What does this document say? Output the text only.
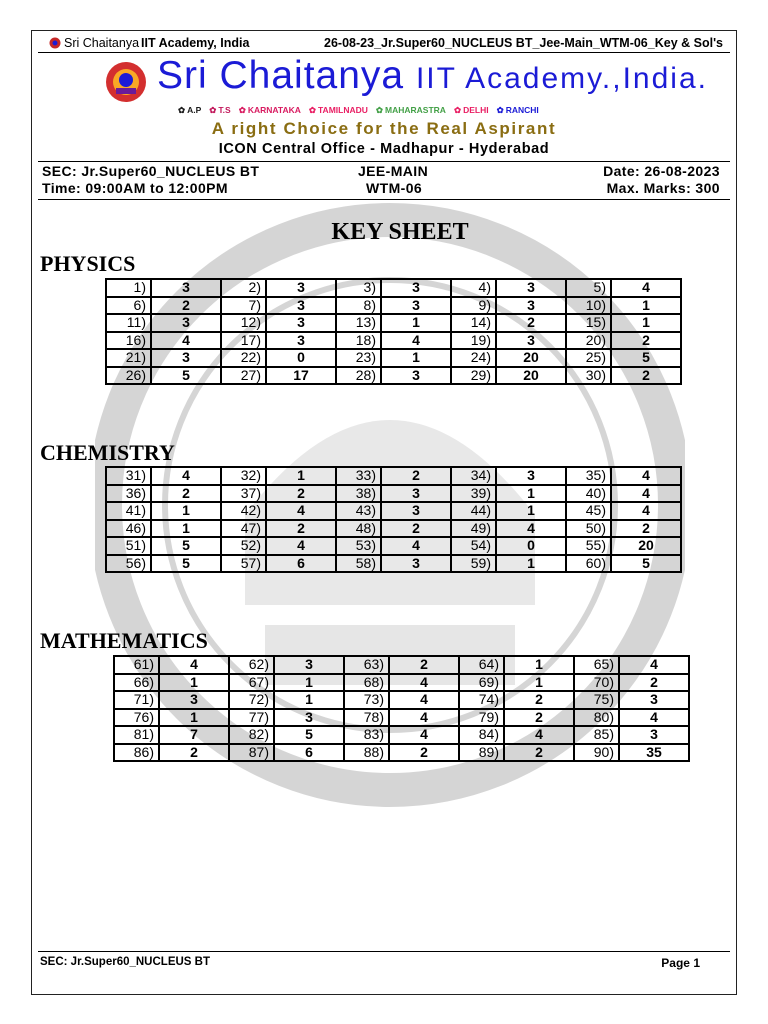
Sri Chaitanya IIT Academy, India	26-08-23_Jr.Super60_NUCLEUS BT_Jee-Main_WTM-06_Key & Sol's
Sri Chaitanya IIT Academy.,India.
✿ A.P ✿ T.S ✿ KARNATAKA ✿ TAMILNADU ✿ MAHARASTRA ✿ DELHI ✿ RANCHI
A right Choice for the Real Aspirant
ICON Central Office - Madhapur - Hyderabad
SEC: Jr.Super60_NUCLEUS BT	JEE-MAIN	Date: 26-08-2023
Time: 09:00AM to 12:00PM	WTM-06	Max. Marks: 300
KEY SHEET
PHYSICS
1)	3	2)	3	3)	3	4)	3	5)	4
6)	2	7)	3	8)	3	9)	3	10)	1
11)	3	12)	3	13)	1	14)	2	15)	1
16)	4	17)	3	18)	4	19)	3	20)	2
21)	3	22)	0	23)	1	24)	20	25)	5
26)	5	27)	17	28)	3	29)	20	30)	2
CHEMISTRY
31)	4	32)	1	33)	2	34)	3	35)	4
36)	2	37)	2	38)	3	39)	1	40)	4
41)	1	42)	4	43)	3	44)	1	45)	4
46)	1	47)	2	48)	2	49)	4	50)	2
51)	5	52)	4	53)	4	54)	0	55)	20
56)	5	57)	6	58)	3	59)	1	60)	5
MATHEMATICS
61)	4	62)	3	63)	2	64)	1	65)	4
66)	1	67)	1	68)	4	69)	1	70)	2
71)	3	72)	1	73)	4	74)	2	75)	3
76)	1	77)	3	78)	4	79)	2	80)	4
81)	7	82)	5	83)	4	84)	4	85)	3
86)	2	87)	6	88)	2	89)	2	90)	35
SEC: Jr.Super60_NUCLEUS BT	Page 1
